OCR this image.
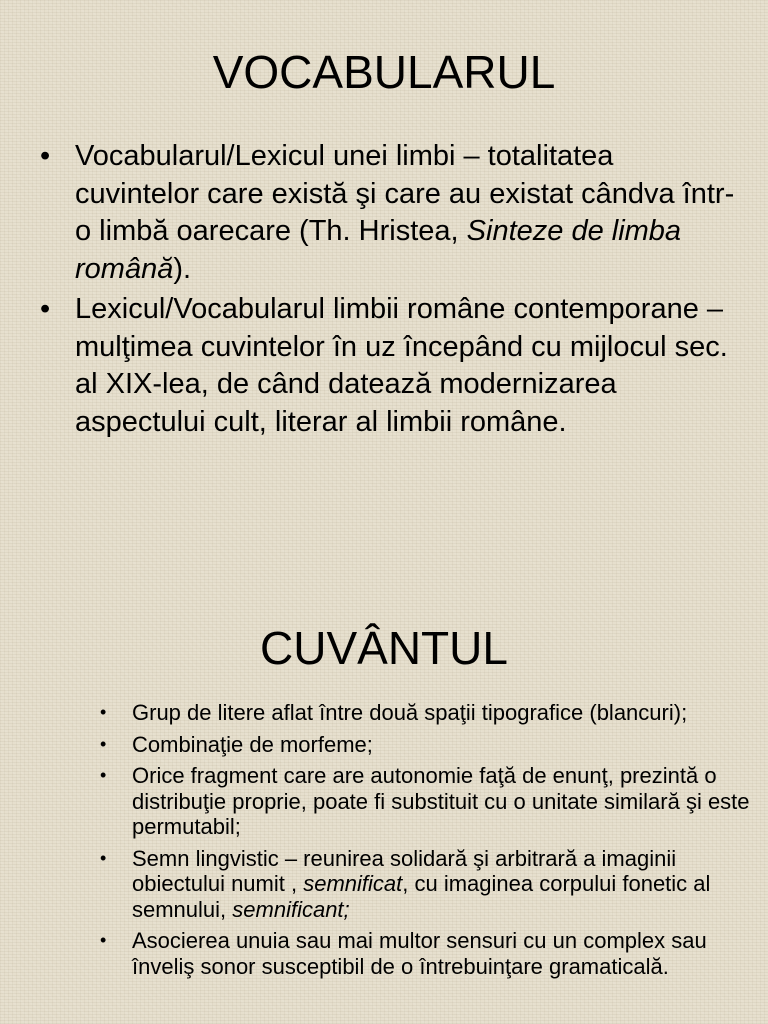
VOCABULARUL
• Vocabularul/Lexicul unei limbi – totalitatea cuvintelor care există şi care au existat cândva într-o limbă oarecare (Th. Hristea, Sinteze de limba română).
• Lexicul/Vocabularul limbii române contemporane – mulţimea cuvintelor în uz începând cu mijlocul sec. al XIX-lea, de când datează modernizarea aspectului cult, literar al limbii române.
CUVÂNTUL
• Grup de litere aflat între două spaţii tipografice (blancuri);
• Combinaţie de morfeme;
• Orice fragment care are autonomie faţă de enunţ, prezintă o distribuţie proprie, poate fi substituit cu o unitate similară şi este permutabil;
• Semn lingvistic – reunirea solidară şi arbitrară a imaginii obiectului numit , semnificat, cu imaginea corpului fonetic al semnului, semnificant;
• Asocierea unuia sau mai multor sensuri cu un complex sau înveliş sonor susceptibil de o întrebuinţare gramaticală.
